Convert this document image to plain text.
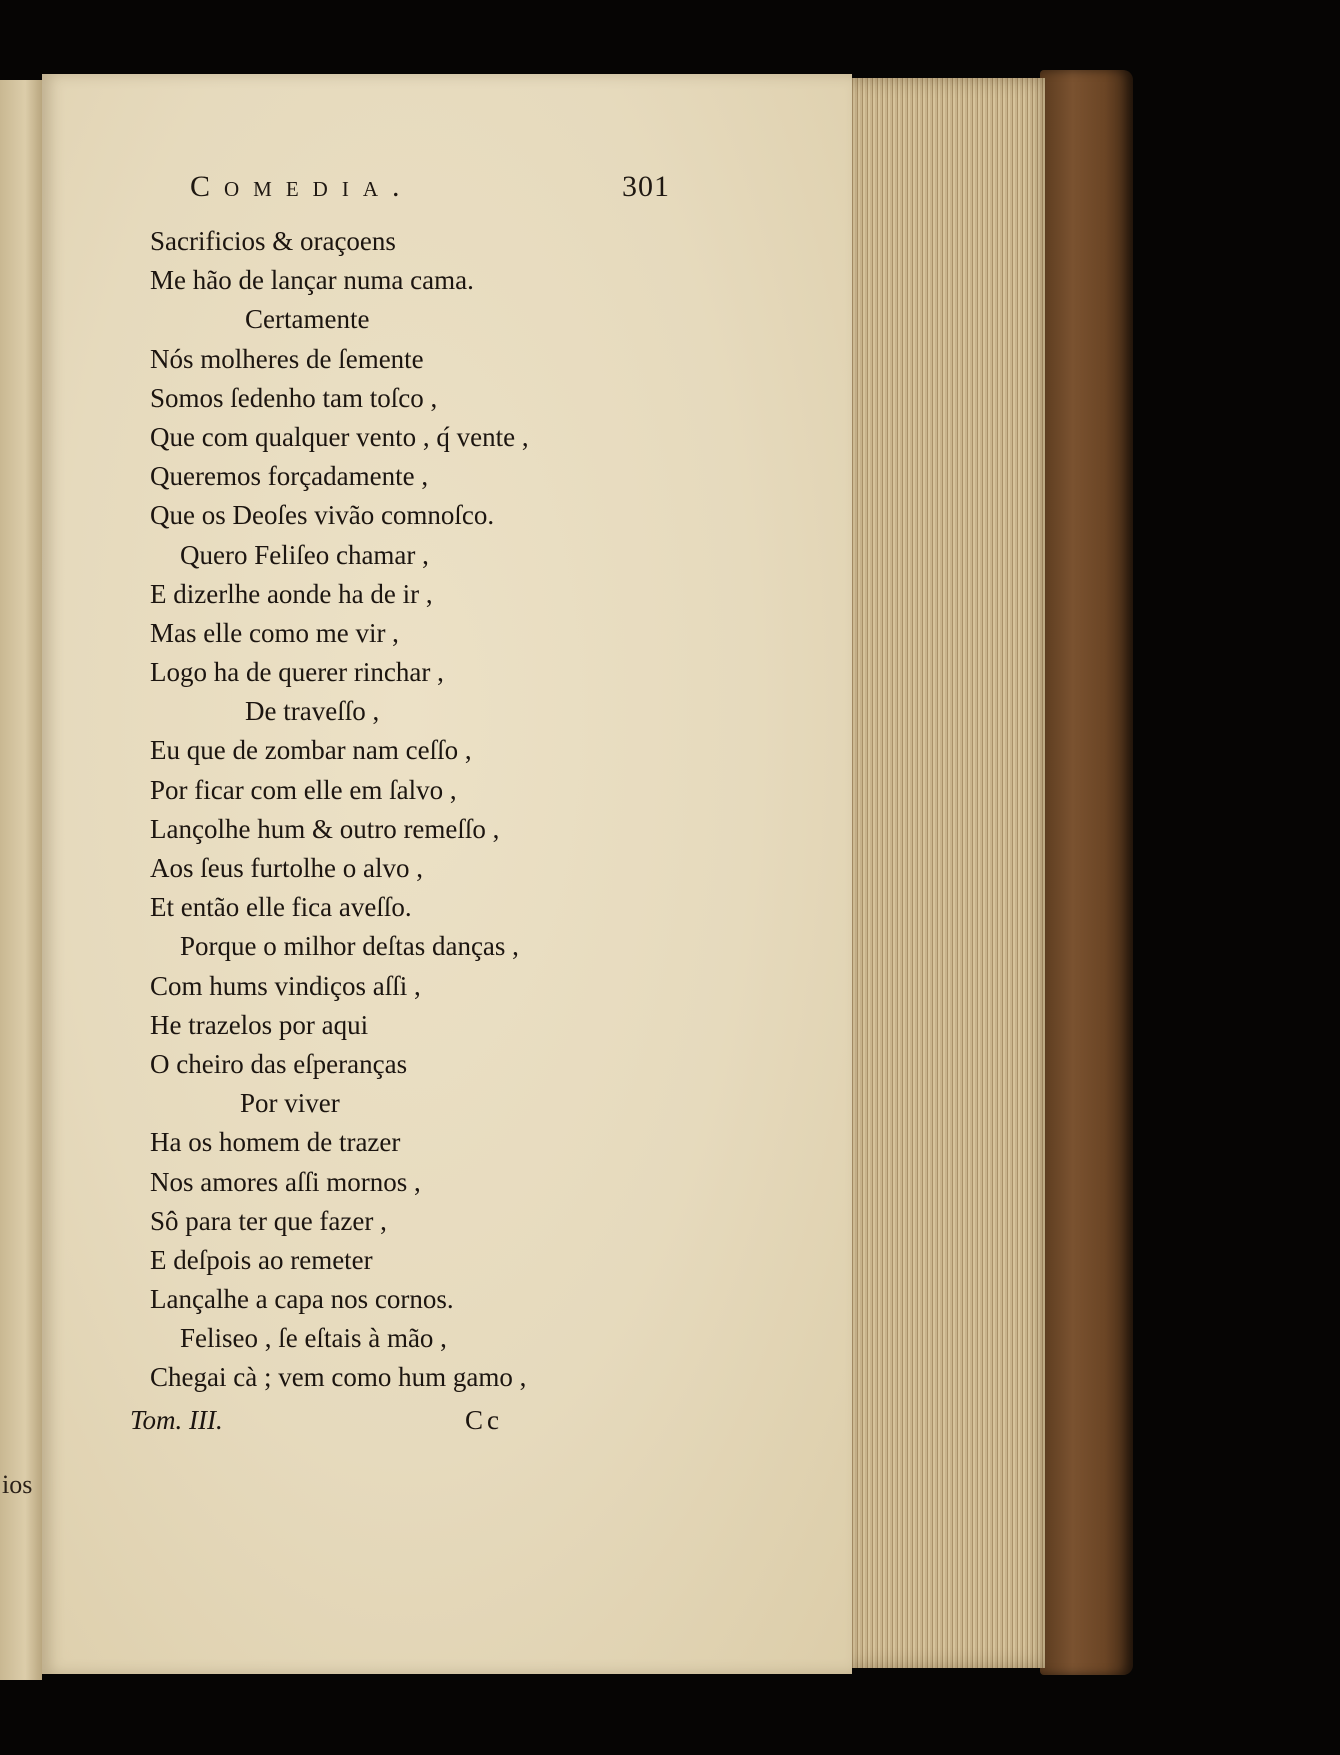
ios
Comedia.	301
Sacrificios & oraçoens
Me hão de lançar numa cama.
Certamente
Nós molheres de ſemente
Somos ſedenho tam toſco ,
Que com qualquer vento , q́ vente ,
Queremos forçadamente ,
Que os Deoſes vivão comnoſco.
Quero Feliſeo chamar ,
E dizerlhe aonde ha de ir ,
Mas elle como me vir ,
Logo ha de querer rinchar ,
De traveſſo ,
Eu que de zombar nam ceſſo ,
Por ficar com elle em ſalvo ,
Lançolhe hum & outro remeſſo ,
Aos ſeus furtolhe o alvo ,
Et então elle fica aveſſo.
Porque o milhor deſtas danças ,
Com hums vindiços aſſi ,
He trazelos por aqui
O cheiro das eſperanças
Por viver
Ha os homem de trazer
Nos amores aſſi mornos ,
Sô para ter que fazer ,
E deſpois ao remeter
Lançalhe a capa nos cornos.
Feliseo , ſe eſtais à mão ,
Chegai cà ; vem como hum gamo ,
Tom. III.	Cc
